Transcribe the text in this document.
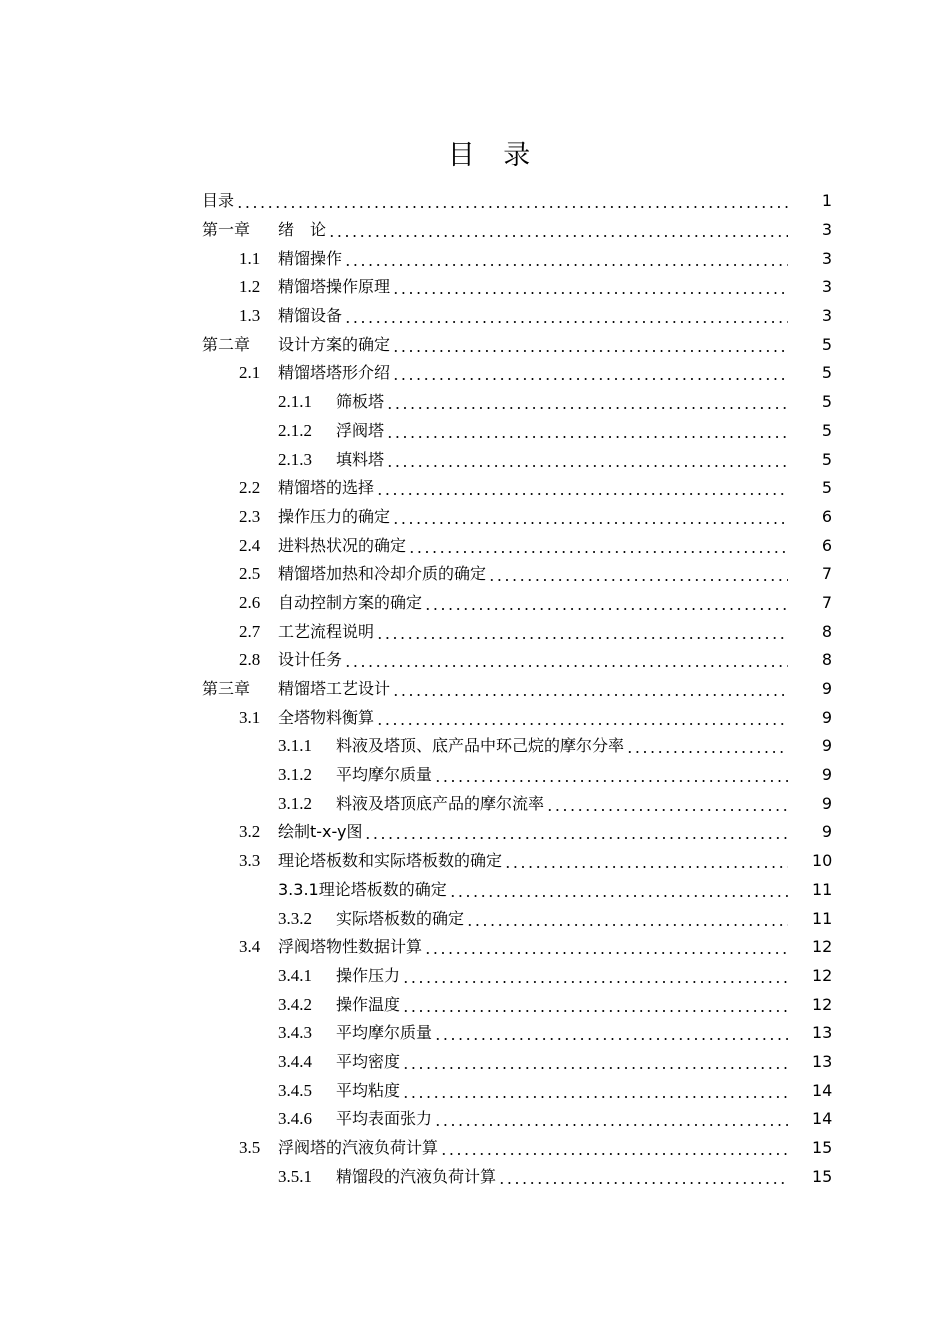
目 录
目录	1
第一章	绪　论	3
1.1	精馏操作	3
1.2	精馏塔操作原理	3
1.3	精馏设备	3
第二章	设计方案的确定	5
2.1	精馏塔塔形介绍	5
2.1.1	筛板塔	5
2.1.2	浮阀塔	5
2.1.3	填料塔	5
2.2	精馏塔的选择	5
2.3	操作压力的确定	6
2.4	进料热状况的确定	6
2.5	精馏塔加热和冷却介质的确定	7
2.6	自动控制方案的确定	7
2.7	工艺流程说明	8
2.8	设计任务	8
第三章	精馏塔工艺设计	9
3.1	全塔物料衡算	9
3.1.1	料液及塔顶、底产品中环己烷的摩尔分率	9
3.1.2	平均摩尔质量	9
3.1.2	料液及塔顶底产品的摩尔流率	9
3.2	绘制t-x-y图	9
3.3	理论塔板数和实际塔板数的确定	10
3.3.1理论塔板数的确定	11
3.3.2	实际塔板数的确定	11
3.4	浮阀塔物性数据计算	12
3.4.1	操作压力	12
3.4.2	操作温度	12
3.4.3	平均摩尔质量	13
3.4.4	平均密度	13
3.4.5	平均粘度	14
3.4.6	平均表面张力	14
3.5	浮阀塔的汽液负荷计算	15
3.5.1	精馏段的汽液负荷计算	15
